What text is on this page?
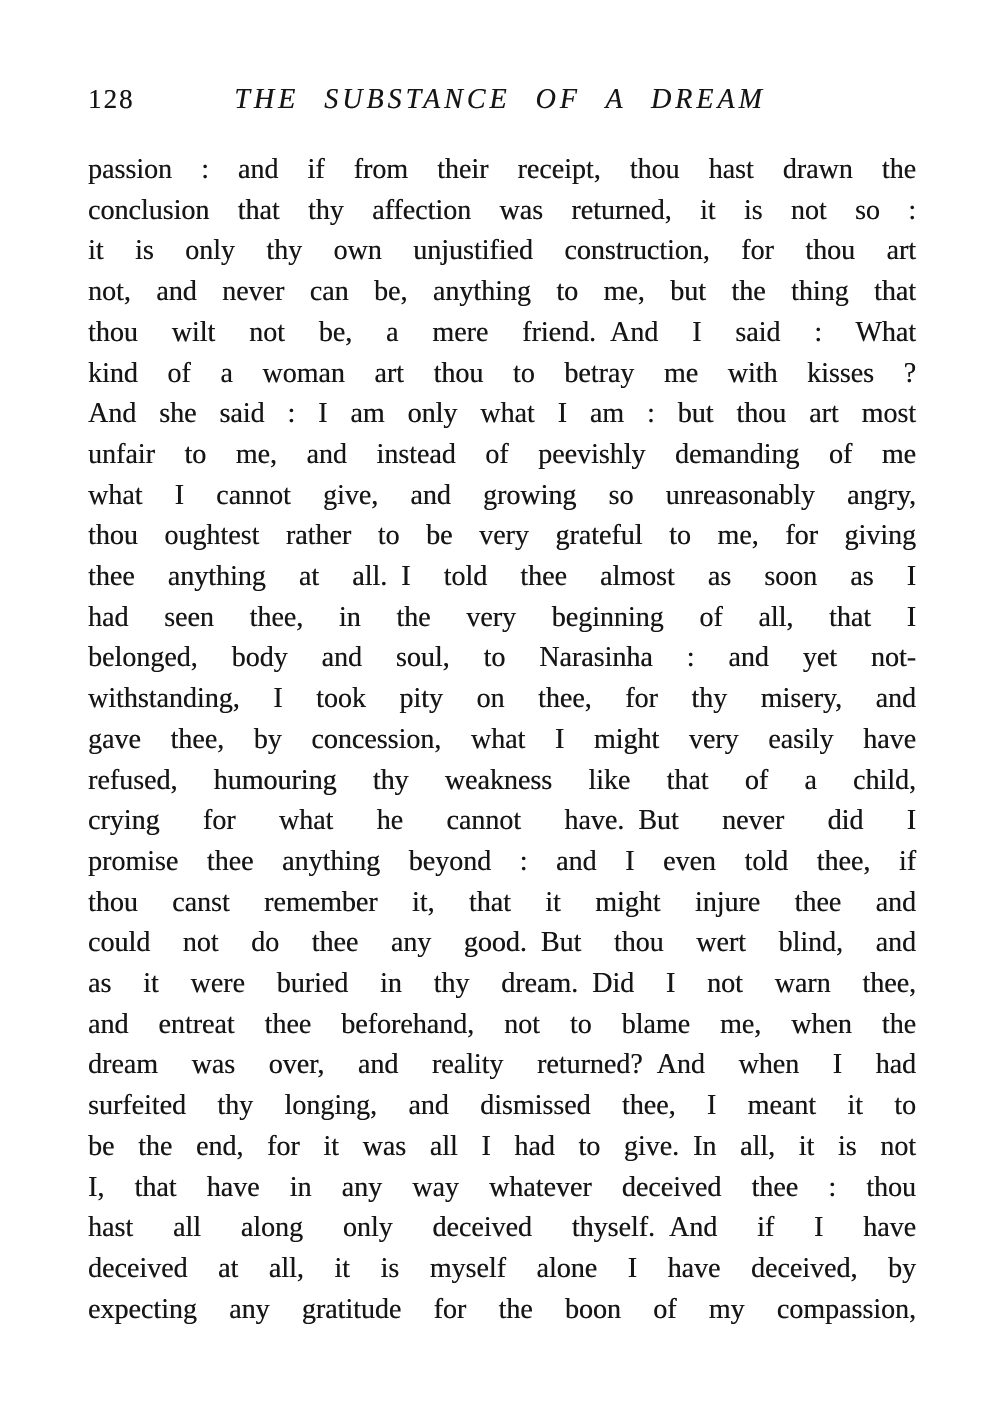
128	THE SUBSTANCE OF A DREAM
passion : and if from their receipt, thou hast drawn the
conclusion that thy affection was returned, it is not so :
it is only thy own unjustified construction, for thou art
not, and never can be, anything to me, but the thing that
thou wilt not be, a mere friend. And I said : What
kind of a woman art thou to betray me with kisses ?
And she said : I am only what I am : but thou art most
unfair to me, and instead of peevishly demanding of me
what I cannot give, and growing so unreasonably angry,
thou oughtest rather to be very grateful to me, for giving
thee anything at all. I told thee almost as soon as I
had seen thee, in the very beginning of all, that I
belonged, body and soul, to Narasinha : and yet not-
withstanding, I took pity on thee, for thy misery, and
gave thee, by concession, what I might very easily have
refused, humouring thy weakness like that of a child,
crying for what he cannot have. But never did I
promise thee anything beyond : and I even told thee, if
thou canst remember it, that it might injure thee and
could not do thee any good. But thou wert blind, and
as it were buried in thy dream. Did I not warn thee,
and entreat thee beforehand, not to blame me, when the
dream was over, and reality returned? And when I had
surfeited thy longing, and dismissed thee, I meant it to
be the end, for it was all I had to give. In all, it is not
I, that have in any way whatever deceived thee : thou
hast all along only deceived thyself. And if I have
deceived at all, it is myself alone I have deceived, by
expecting any gratitude for the boon of my compassion,
